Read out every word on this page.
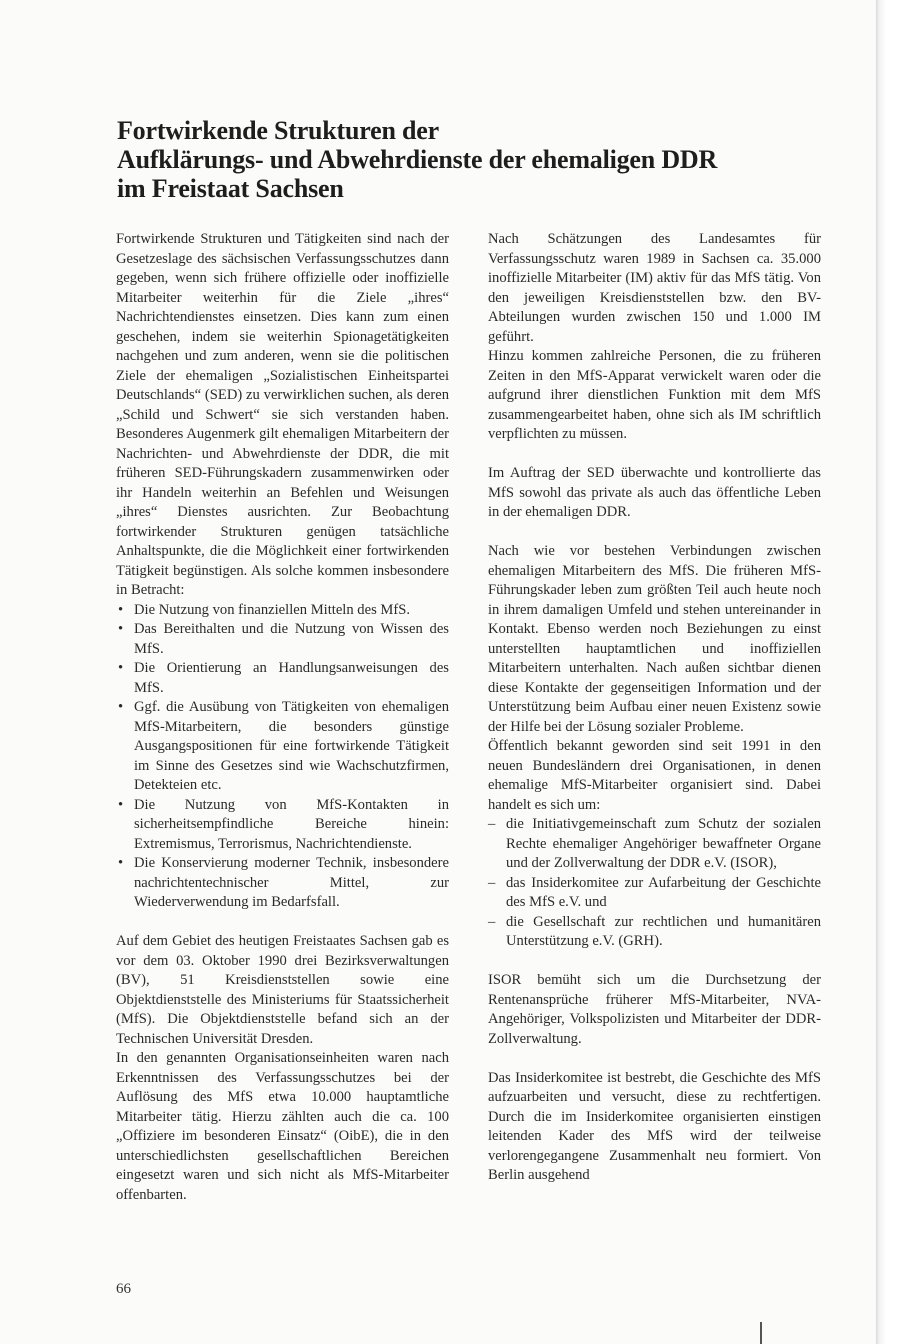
Fortwirkende Strukturen der
Aufklärungs- und Abwehrdienste der ehemaligen DDR
im Freistaat Sachsen

Fortwirkende Strukturen und Tätigkeiten sind nach der Gesetzeslage des sächsischen Verfassungsschutzes dann gegeben, wenn sich frühere offizielle oder inoffizielle Mitarbeiter weiterhin für die Ziele „ihres“ Nachrichtendienstes einsetzen. Dies kann zum einen geschehen, indem sie weiterhin Spionagetätigkeiten nachgehen und zum anderen, wenn sie die politischen Ziele der ehemaligen „Sozialistischen Einheitspartei Deutschlands“ (SED) zu verwirklichen suchen, als deren „Schild und Schwert“ sie sich verstanden haben. Besonderes Augenmerk gilt ehemaligen Mitarbeitern der Nachrichten- und Abwehrdienste der DDR, die mit früheren SED-Führungskadern zusammenwirken oder ihr Handeln weiterhin an Befehlen und Weisungen „ihres“ Dienstes ausrichten. Zur Beobachtung fortwirkender Strukturen genügen tatsächliche Anhaltspunkte, die die Möglichkeit einer fortwirkenden Tätigkeit begünstigen. Als solche kommen insbesondere in Betracht:

• Die Nutzung von finanziellen Mitteln des MfS.
• Das Bereithalten und die Nutzung von Wissen des MfS.
• Die Orientierung an Handlungsanweisungen des MfS.
• Ggf. die Ausübung von Tätigkeiten von ehemaligen MfS-Mitarbeitern, die besonders günstige Ausgangspositionen für eine fortwirkende Tätigkeit im Sinne des Gesetzes sind wie Wachschutzfirmen, Detekteien etc.
• Die Nutzung von MfS-Kontakten in sicherheitsempfindliche Bereiche hinein: Extremismus, Terrorismus, Nachrichtendienste.
• Die Konservierung moderner Technik, insbesondere nachrichtentechnischer Mittel, zur Wiederverwendung im Bedarfsfall.

Auf dem Gebiet des heutigen Freistaates Sachsen gab es vor dem 03. Oktober 1990 drei Bezirksverwaltungen (BV), 51 Kreisdienststellen sowie eine Objektdienststelle des Ministeriums für Staatssicherheit (MfS). Die Objektdienststelle befand sich an der Technischen Universität Dresden.

In den genannten Organisationseinheiten waren nach Erkenntnissen des Verfassungsschutzes bei der Auflösung des MfS etwa 10.000 hauptamtliche Mitarbeiter tätig. Hierzu zählten auch die ca. 100 „Offiziere im besonderen Einsatz“ (OibE), die in den unterschiedlichsten gesellschaftlichen Bereichen eingesetzt waren und sich nicht als MfS-Mitarbeiter offenbarten.

Nach Schätzungen des Landesamtes für Verfassungsschutz waren 1989 in Sachsen ca. 35.000 inoffizielle Mitarbeiter (IM) aktiv für das MfS tätig. Von den jeweiligen Kreisdienststellen bzw. den BV-Abteilungen wurden zwischen 150 und 1.000 IM geführt.

Hinzu kommen zahlreiche Personen, die zu früheren Zeiten in den MfS-Apparat verwickelt waren oder die aufgrund ihrer dienstlichen Funktion mit dem MfS zusammengearbeitet haben, ohne sich als IM schriftlich verpflichten zu müssen.

Im Auftrag der SED überwachte und kontrollierte das MfS sowohl das private als auch das öffentliche Leben in der ehemaligen DDR.

Nach wie vor bestehen Verbindungen zwischen ehemaligen Mitarbeitern des MfS. Die früheren MfS-Führungskader leben zum größten Teil auch heute noch in ihrem damaligen Umfeld und stehen untereinander in Kontakt. Ebenso werden noch Beziehungen zu einst unterstellten hauptamtlichen und inoffiziellen Mitarbeitern unterhalten. Nach außen sichtbar dienen diese Kontakte der gegenseitigen Information und der Unterstützung beim Aufbau einer neuen Existenz sowie der Hilfe bei der Lösung sozialer Probleme.

Öffentlich bekannt geworden sind seit 1991 in den neuen Bundesländern drei Organisationen, in denen ehemalige MfS-Mitarbeiter organisiert sind. Dabei handelt es sich um:

– die Initiativgemeinschaft zum Schutz der sozialen Rechte ehemaliger Angehöriger bewaffneter Organe und der Zollverwaltung der DDR e.V. (ISOR),
– das Insiderkomitee zur Aufarbeitung der Geschichte des MfS e.V. und
– die Gesellschaft zur rechtlichen und humanitären Unterstützung e.V. (GRH).

ISOR bemüht sich um die Durchsetzung der Rentenansprüche früherer MfS-Mitarbeiter, NVA-Angehöriger, Volkspolizisten und Mitarbeiter der DDR-Zollverwaltung.

Das Insiderkomitee ist bestrebt, die Geschichte des MfS aufzuarbeiten und versucht, diese zu rechtfertigen. Durch die im Insiderkomitee organisierten einstigen leitenden Kader des MfS wird der teilweise verlorengegangene Zusammenhalt neu formiert. Von Berlin ausgehend

66
